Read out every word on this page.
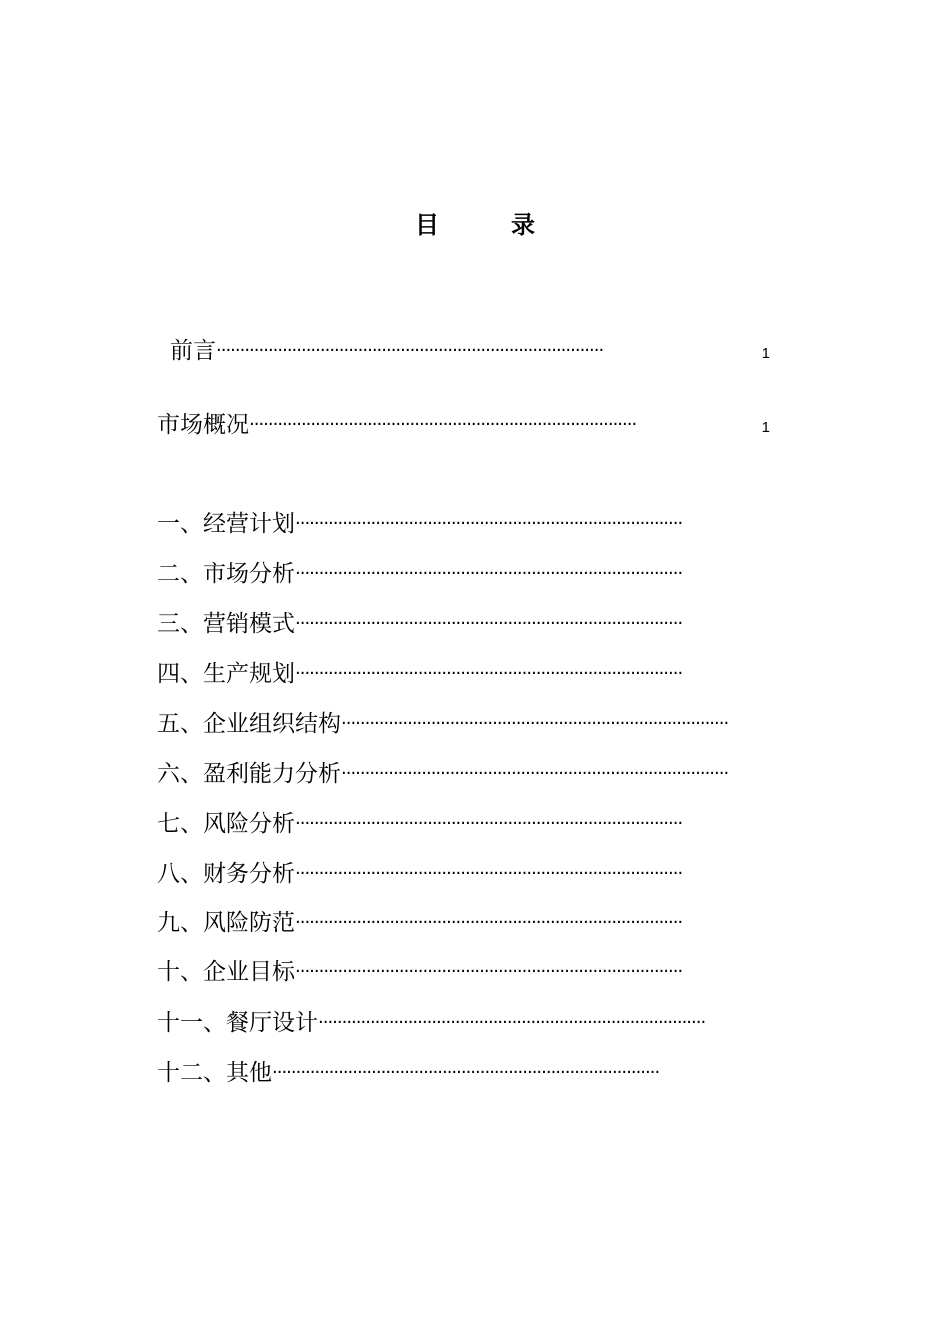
目　录
前言··················································································	1
市场概况··················································································	1
一、经营计划··················································································
二、市场分析··················································································
三、营销模式··················································································
四、生产规划··················································································
五、企业组织结构··················································································
六、盈利能力分析··················································································
七、风险分析··················································································
八、财务分析··················································································
九、风险防范··················································································
十、企业目标··················································································
十一、餐厅设计··················································································
十二、其他··················································································
